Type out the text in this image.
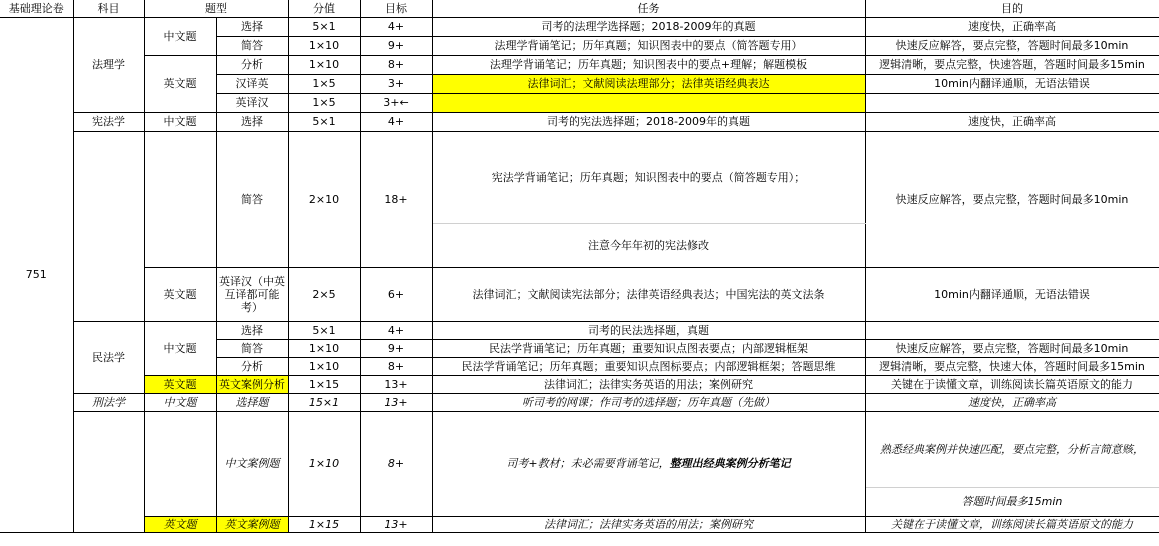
基础理论卷	科目	题型		分值	目标	任务	目的
751	法理学	中文题	选择	5×1	4+	司考的法理学选择题；2018-2009年的真题	速度快，正确率高
			简答	1×10	9+	法理学背诵笔记；历年真题；知识图表中的要点（简答题专用）	快速反应解答，要点完整，答题时间最多10min
		英文题	分析	1×10	8+	法理学背诵笔记；历年真题；知识图表中的要点+理解；解题模板	逻辑清晰，要点完整，快速答题，答题时间最多15min
			汉译英	1×5	3+	法律词汇；文献阅读法理部分；法律英语经典表达	10min内翻译通顺，无语法错误
			英译汉	1×5	3+←		
	宪法学	中文题	选择	5×1	4+	司考的宪法选择题；2018-2009年的真题	速度快，正确率高
			简答	2×10	18+	宪法学背诵笔记；历年真题；知识图表中的要点（简答题专用）；	快速反应解答，要点完整，答题时间最多10min
						注意今年年初的宪法修改	
		英文题	英译汉（中英互译都可能考）	2×5	6+	法律词汇；文献阅读宪法部分；法律英语经典表达；中国宪法的英文法条	10min内翻译通顺，无语法错误
	民法学	中文题	选择	5×1	4+	司考的民法选择题，真题	
			简答	1×10	9+	民法学背诵笔记；历年真题；重要知识点图表要点；内部逻辑框架	快速反应解答，要点完整，答题时间最多10min
			分析	1×10	8+	民法学背诵笔记；历年真题；重要知识点图标要点；内部逻辑框架；答题思维	逻辑清晰，要点完整，快速大体，答题时间最多15min
		英文题	英文案例分析	1×15	13+	法律词汇；法律实务英语的用法；案例研究	关键在于读懂文章，训练阅读长篇英语原文的能力
	刑法学	中文题	选择题	15×1	13+	听司考的网课；作司考的选择题；历年真题（先做）	速度快，正确率高
			中文案例题	1×10	8+	司考+教材；未必需要背诵笔记，整理出经典案例分析笔记	熟悉经典案例并快速匹配，要点完整，分析言简意赅，
							答题时间最多15min
		英文题	英文案例题	1×15	13+	法律词汇；法律实务英语的用法；案例研究	关键在于读懂文章，训练阅读长篇英语原文的能力
